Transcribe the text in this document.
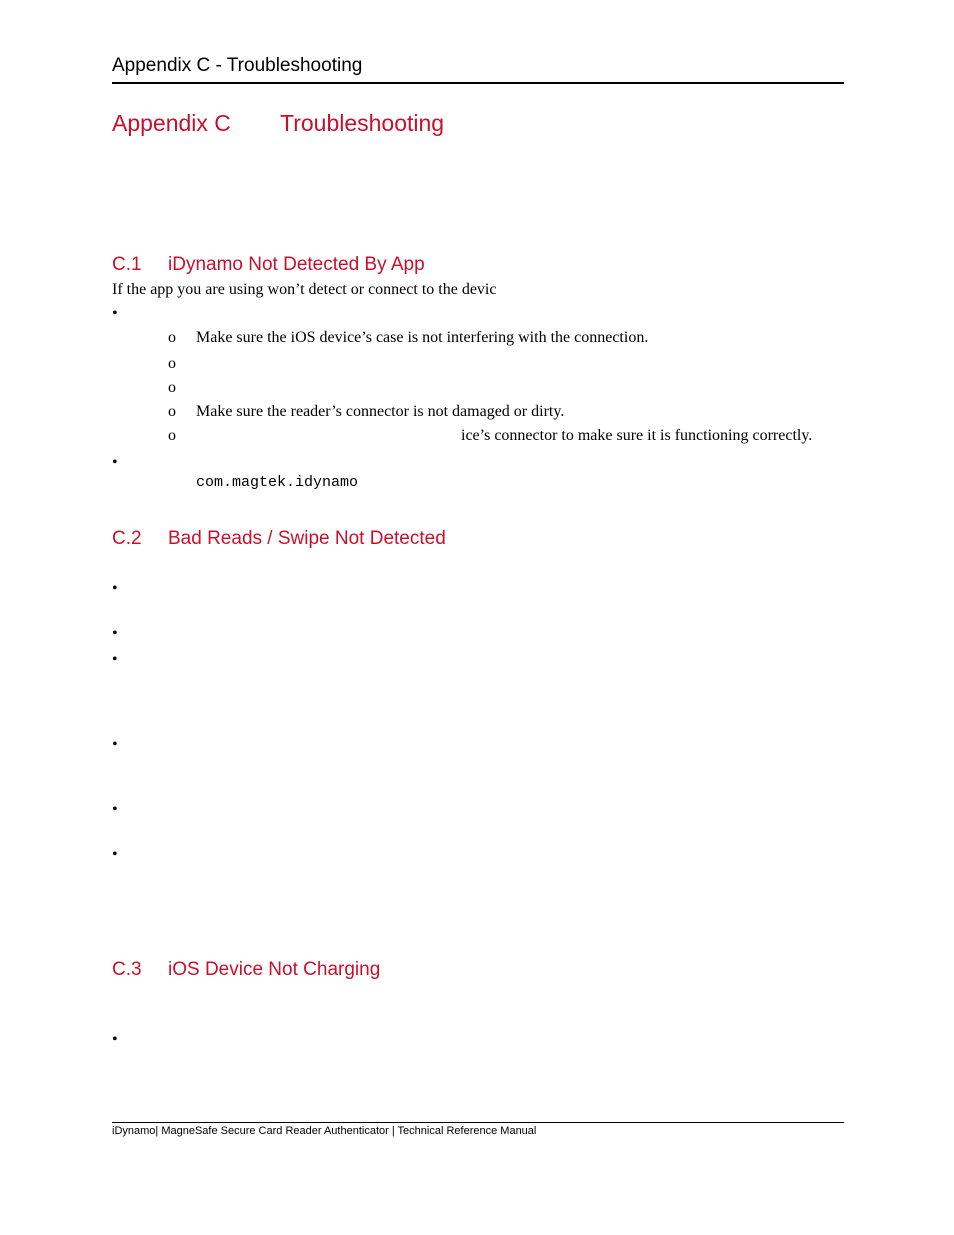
Appendix C - Troubleshooting
Appendix C Troubleshooting
C.1 iDynamo Not Detected By App
If the app you are using won’t detect or connect to the devic
•
o Make sure the iOS device’s case is not interfering with the connection.
o
o
o Make sure the reader’s connector is not damaged or dirty.
o	ice’s connector to make sure it is functioning correctly.
•
com.magtek.idynamo
C.2 Bad Reads / Swipe Not Detected
•
•
•
•
•
•
C.3 iOS Device Not Charging
•
iDynamo| MagneSafe Secure Card Reader Authenticator | Technical Reference Manual
